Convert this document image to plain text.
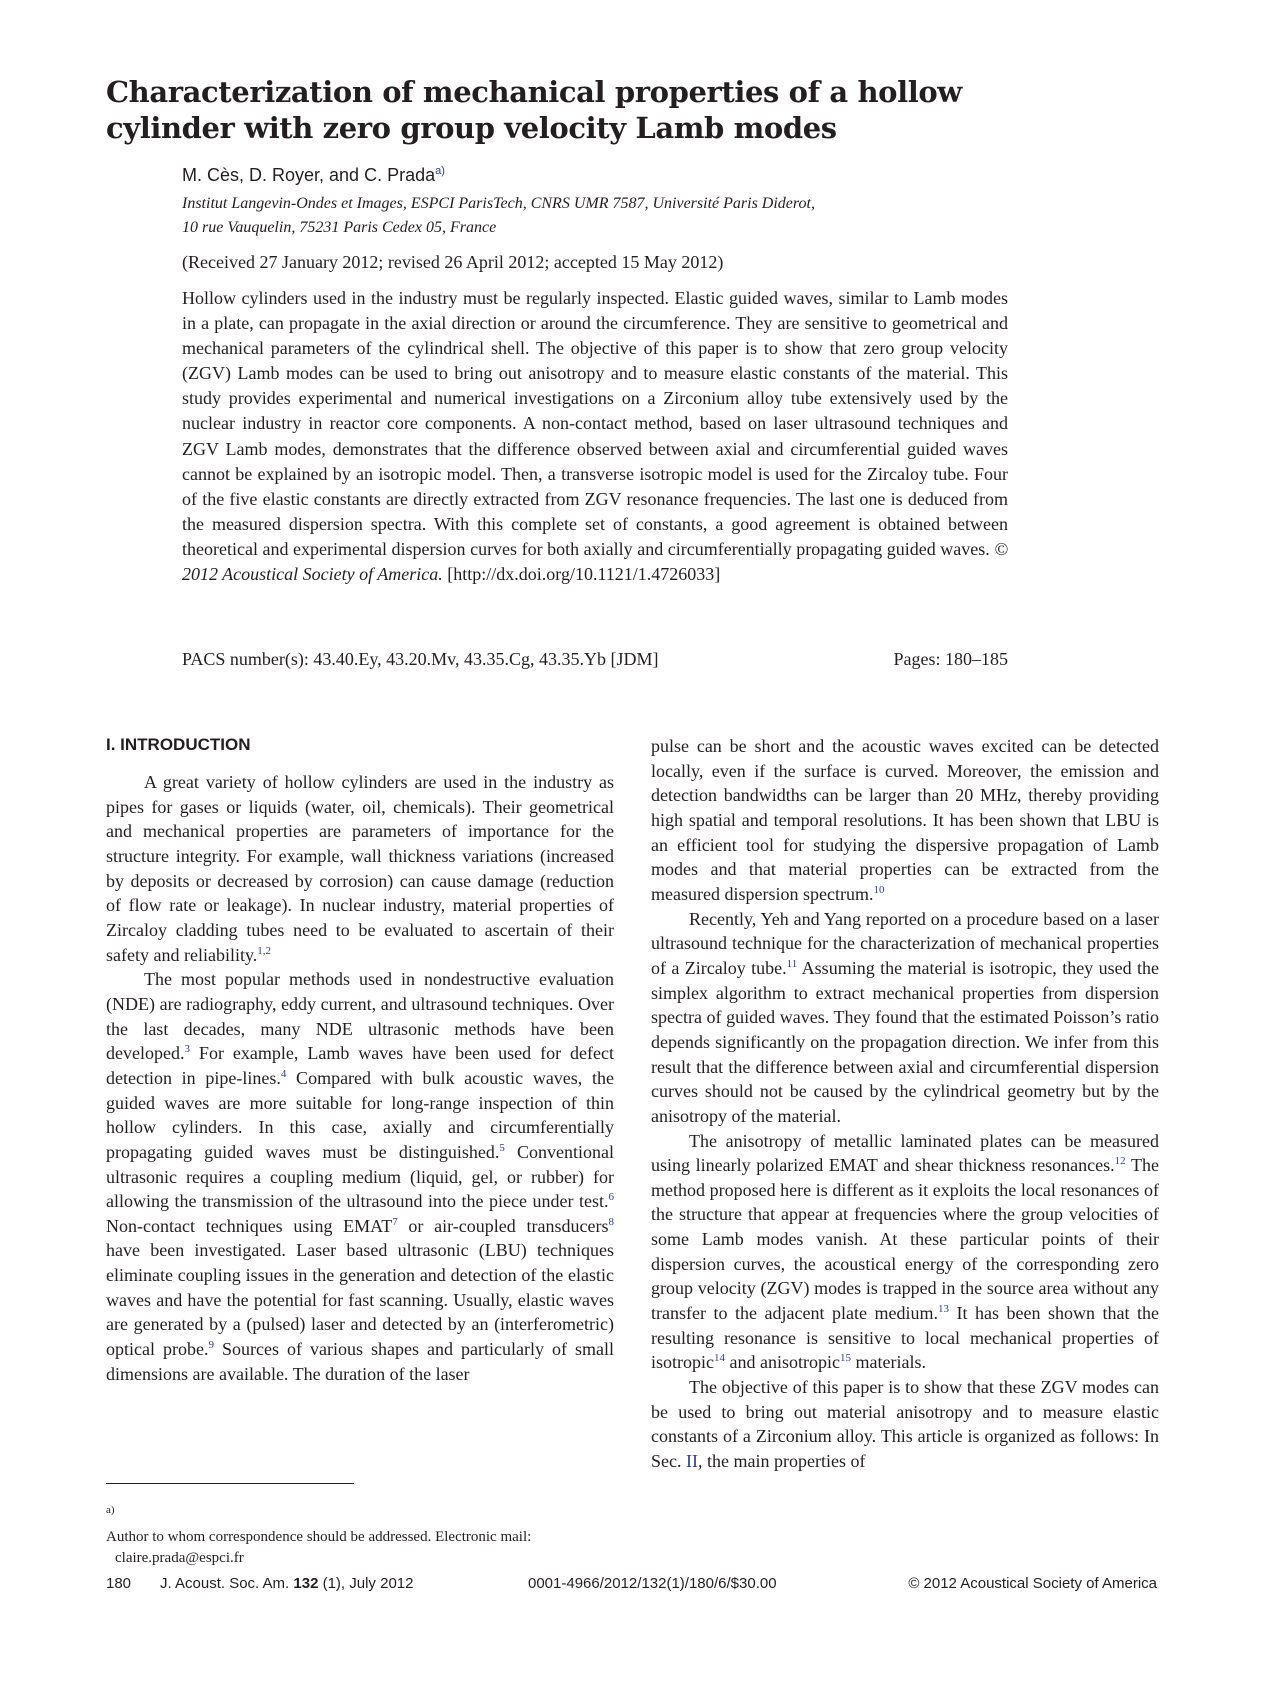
Characterization of mechanical properties of a hollow
cylinder with zero group velocity Lamb modes

M. Cès, D. Royer, and C. Prada$^{a)}$

Institut Langevin-Ondes et Images, ESPCI ParisTech, CNRS UMR 7587, Université Paris Diderot,
10 rue Vauquelin, 75231 Paris Cedex 05, France

(Received 27 January 2012; revised 26 April 2012; accepted 15 May 2012)

Hollow cylinders used in the industry must be regularly inspected. Elastic guided waves, similar to Lamb modes in a plate, can propagate in the axial direction or around the circumference. They are sensitive to geometrical and mechanical parameters of the cylindrical shell. The objective of this paper is to show that zero group velocity (ZGV) Lamb modes can be used to bring out anisotropy and to measure elastic constants of the material. This study provides experimental and numerical investigations on a Zirconium alloy tube extensively used by the nuclear industry in reactor core components. A non-contact method, based on laser ultrasound techniques and ZGV Lamb modes, demonstrates that the difference observed between axial and circumferential guided waves cannot be explained by an isotropic model. Then, a transverse isotropic model is used for the Zircaloy tube. Four of the five elastic constants are directly extracted from ZGV resonance frequencies. The last one is deduced from the measured dispersion spectra. With this complete set of constants, a good agreement is obtained between theoretical and experimental dispersion curves for both axially and circumferentially propagating guided waves. © 2012 Acoustical Society of America. [http://dx.doi.org/10.1121/1.4726033]

PACS number(s): 43.40.Ey, 43.20.Mv, 43.35.Cg, 43.35.Yb [JDM]	Pages: 180–185
I. INTRODUCTION

A great variety of hollow cylinders are used in the industry as pipes for gases or liquids (water, oil, chemicals). Their geometrical and mechanical properties are parameters of importance for the structure integrity. For example, wall thickness variations (increased by deposits or decreased by corrosion) can cause damage (reduction of flow rate or leakage). In nuclear industry, material properties of Zircaloy cladding tubes need to be evaluated to ascertain of their safety and reliability.$^{1,2}$

The most popular methods used in nondestructive evaluation (NDE) are radiography, eddy current, and ultrasound techniques. Over the last decades, many NDE ultrasonic methods have been developed.$^3$ For example, Lamb waves have been used for defect detection in pipe-lines.$^4$ Compared with bulk acoustic waves, the guided waves are more suitable for long-range inspection of thin hollow cylinders. In this case, axially and circumferentially propagating guided waves must be distinguished.$^5$ Conventional ultrasonic requires a coupling medium (liquid, gel, or rubber) for allowing the transmission of the ultrasound into the piece under test.$^6$ Non-contact techniques using EMAT$^7$ or air-coupled transducers$^8$ have been investigated. Laser based ultrasonic (LBU) techniques eliminate coupling issues in the generation and detection of the elastic waves and have the potential for fast scanning. Usually, elastic waves are generated by a (pulsed) laser and detected by an (interferometric) optical probe.$^9$ Sources of various shapes and particularly of small dimensions are available. The duration of the laser

pulse can be short and the acoustic waves excited can be detected locally, even if the surface is curved. Moreover, the emission and detection bandwidths can be larger than 20 MHz, thereby providing high spatial and temporal resolutions. It has been shown that LBU is an efficient tool for studying the dispersive propagation of Lamb modes and that material properties can be extracted from the measured dispersion spectrum.$^{10}$

Recently, Yeh and Yang reported on a procedure based on a laser ultrasound technique for the characterization of mechanical properties of a Zircaloy tube.$^{11}$ Assuming the material is isotropic, they used the simplex algorithm to extract mechanical properties from dispersion spectra of guided waves. They found that the estimated Poisson’s ratio depends significantly on the propagation direction. We infer from this result that the difference between axial and circumferential dispersion curves should not be caused by the cylindrical geometry but by the anisotropy of the material.

The anisotropy of metallic laminated plates can be measured using linearly polarized EMAT and shear thickness resonances.$^{12}$ The method proposed here is different as it exploits the local resonances of the structure that appear at frequencies where the group velocities of some Lamb modes vanish. At these particular points of their dispersion curves, the acoustical energy of the corresponding zero group velocity (ZGV) modes is trapped in the source area without any transfer to the adjacent plate medium.$^{13}$ It has been shown that the resulting resonance is sensitive to local mechanical properties of isotropic$^{14}$ and anisotropic$^{15}$ materials.

The objective of this paper is to show that these ZGV modes can be used to bring out material anisotropy and to measure elastic constants of a Zirconium alloy. This article is organized as follows: In Sec. II, the main properties of

$^{a)}$
Author to whom correspondence should be addressed. Electronic mail:
claire.prada@espci.fr

180 J. Acoust. Soc. Am. 132 (1), July 2012	0001-4966/2012/132(1)/180/6/$30.00	© 2012 Acoustical Society of America
